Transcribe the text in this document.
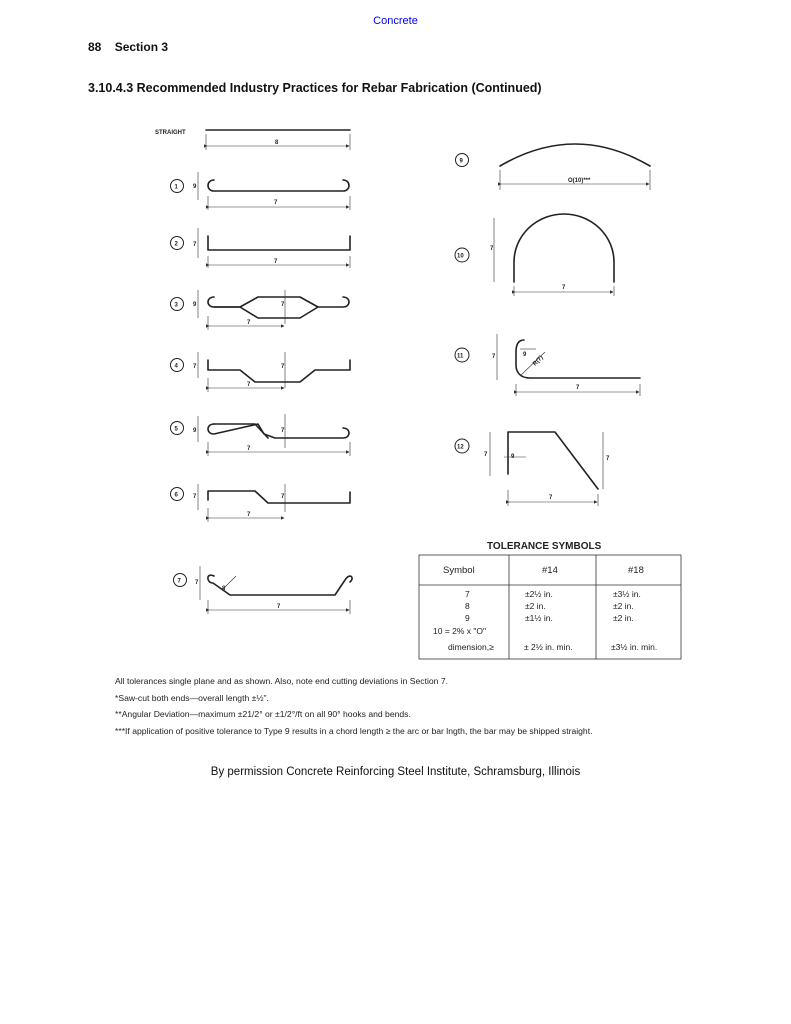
Concrete
88 Section 3
3.10.4.3 Recommended Industry Practices for Rebar Fabrication (Continued)
STRAIGHT
8
1	9
7
2	7
7
3	9	7
7
4	7	7
7
5	9	7
7
6	7	7
7
7
8
7
7
9
O(10)***
10
7
7
11	7	9 R(7)
7
12
7	9	7
7
TOLERANCE SYMBOLS
Symbol	#14	#18
7	±2½ in.	±3½ in.
8	±2 in.	±2 in.
9	±1½ in.	±2 in.
10 = 2% x "O"
dimension,≥	± 2½ in. min.	±3½ in. min.
All tolerances single plane and as shown. Also, note end cutting deviations in Section 7.
*Saw-cut both ends—overall length ±½".
**Angular Deviation—maximum ±21/2° or ±1/2°/ft on all 90° hooks and bends.
***If application of positive tolerance to Type 9 results in a chord length ≥ the arc or bar lngth, the bar may be shipped straight.
By permission Concrete Reinforcing Steel Institute, Schramsburg, Illinois
